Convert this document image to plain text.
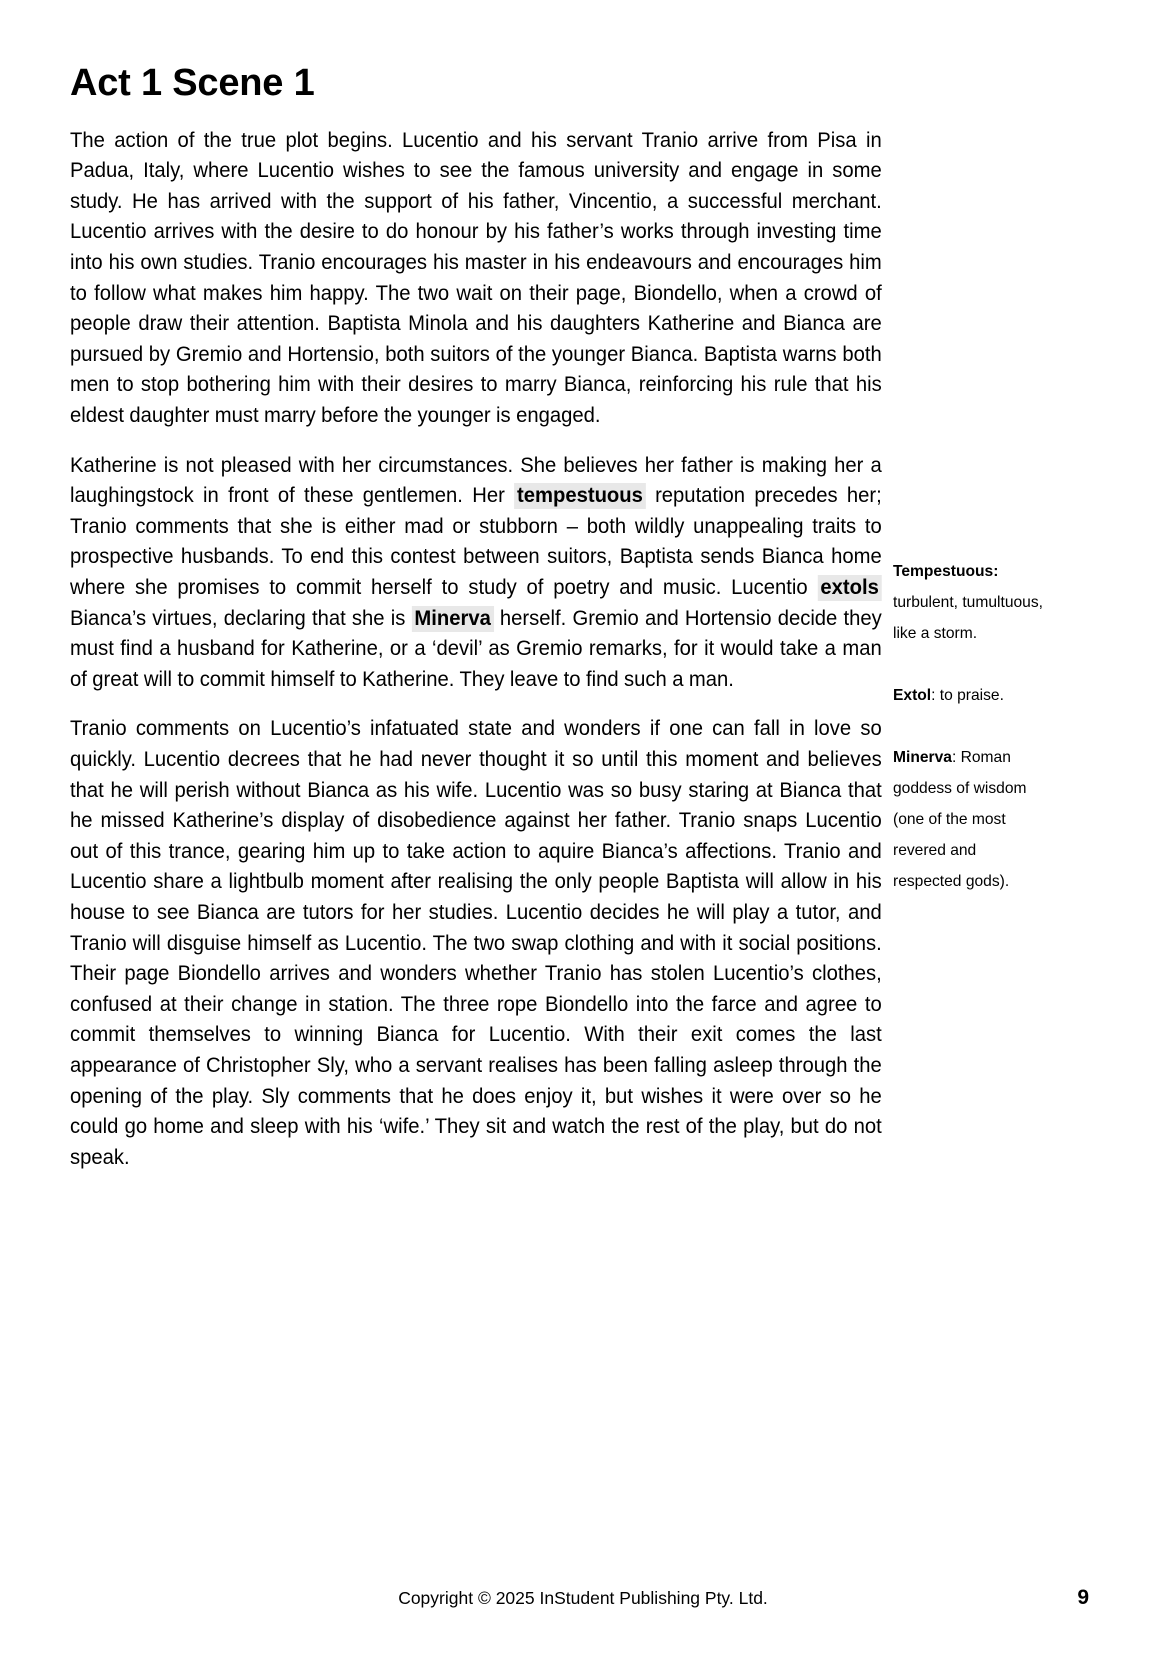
Act 1 Scene 1

The action of the true plot begins. Lucentio and his servant Tranio arrive from Pisa in Padua, Italy, where Lucentio wishes to see the famous university and engage in some study. He has arrived with the support of his father, Vincentio, a successful merchant. Lucentio arrives with the desire to do honour by his father’s works through investing time into his own studies. Tranio encourages his master in his endeavours and encourages him to follow what makes him happy. The two wait on their page, Biondello, when a crowd of people draw their attention. Baptista Minola and his daughters Katherine and Bianca are pursued by Gremio and Hortensio, both suitors of the younger Bianca. Baptista warns both men to stop bothering him with their desires to marry Bianca, reinforcing his rule that his eldest daughter must marry before the younger is engaged.

Katherine is not pleased with her circumstances. She believes her father is making her a laughingstock in front of these gentlemen. Her tempestuous reputation precedes her; Tranio comments that she is either mad or stubborn – both wildly unappealing traits to prospective husbands. To end this contest between suitors, Baptista sends Bianca home where she promises to commit herself to study of poetry and music. Lucentio extols Bianca’s virtues, declaring that she is Minerva herself. Gremio and Hortensio decide they must find a husband for Katherine, or a ‘devil’ as Gremio remarks, for it would take a man of great will to commit himself to Katherine. They leave to find such a man.

Tranio comments on Lucentio’s infatuated state and wonders if one can fall in love so quickly. Lucentio decrees that he had never thought it so until this moment and believes that he will perish without Bianca as his wife. Lucentio was so busy staring at Bianca that he missed Katherine’s display of disobedience against her father. Tranio snaps Lucentio out of this trance, gearing him up to take action to aquire Bianca’s affections. Tranio and Lucentio share a lightbulb moment after realising the only people Baptista will allow in his house to see Bianca are tutors for her studies. Lucentio decides he will play a tutor, and Tranio will disguise himself as Lucentio. The two swap clothing and with it social positions. Their page Biondello arrives and wonders whether Tranio has stolen Lucentio’s clothes, confused at their change in station. The three rope Biondello into the farce and agree to commit themselves to winning Bianca for Lucentio. With their exit comes the last appearance of Christopher Sly, who a servant realises has been falling asleep through the opening of the play. Sly comments that he does enjoy it, but wishes it were over so he could go home and sleep with his ‘wife.’ They sit and watch the rest of the play, but do not speak.

Tempestuous: turbulent, tumultuous, like a storm.
Extol: to praise.
Minerva: Roman goddess of wisdom (one of the most revered and respected gods).
Copyright © 2025 InStudent Publishing Pty. Ltd.	9
